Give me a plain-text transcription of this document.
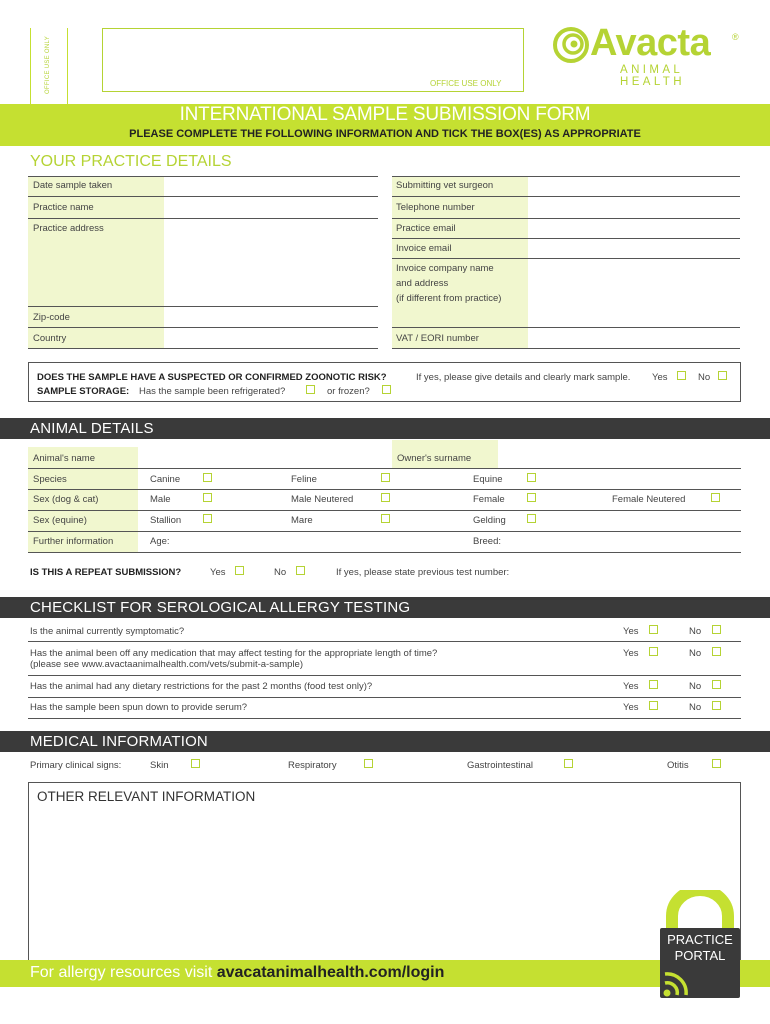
OFFICE USE ONLY	OFFICE USE ONLY
Avacta ®
ANIMAL HEALTH
INTERNATIONAL SAMPLE SUBMISSION FORM
PLEASE COMPLETE THE FOLLOWING INFORMATION AND TICK THE BOX(ES) AS APPROPRIATE
YOUR PRACTICE DETAILS
Date sample taken
Practice name
Practice address
Zip-code
Country
Submitting vet surgeon
Telephone number
Practice email
Invoice email
Invoice company name
and address
(if different from practice)
VAT / EORI number
DOES THE SAMPLE HAVE A SUSPECTED OR CONFIRMED ZOONOTIC RISK?	If yes, please give details and clearly mark sample. Yes	No
SAMPLE STORAGE: Has the sample been refrigerated?	or frozen?
ANIMAL DETAILS
Animal's name	Owner's surname
Species	Canine	Feline	Equine
Sex (dog & cat)	Male	Male Neutered	Female	Female Neutered
Sex (equine)	Stallion	Mare	Gelding
Further information	Age:	Breed:
IS THIS A REPEAT SUBMISSION?	Yes	No	If yes, please state previous test number:
CHECKLIST FOR SEROLOGICAL ALLERGY TESTING
Is the animal currently symptomatic?	Yes	No
Has the animal been off any medication that may affect testing for the appropriate length of time?
(please see www.avactaanimalhealth.com/vets/submit-a-sample)
Yes	No
Has the animal had any dietary restrictions for the past 2 months (food test only)?	Yes	No
Has the sample been spun down to provide serum?	Yes	No
MEDICAL INFORMATION
Primary clinical signs:	Skin	Respiratory	Gastrointestinal	Otitis
OTHER RELEVANT INFORMATION
For allergy resources visit avacatanimalhealth.com/login
PRACTICE
PORTAL
